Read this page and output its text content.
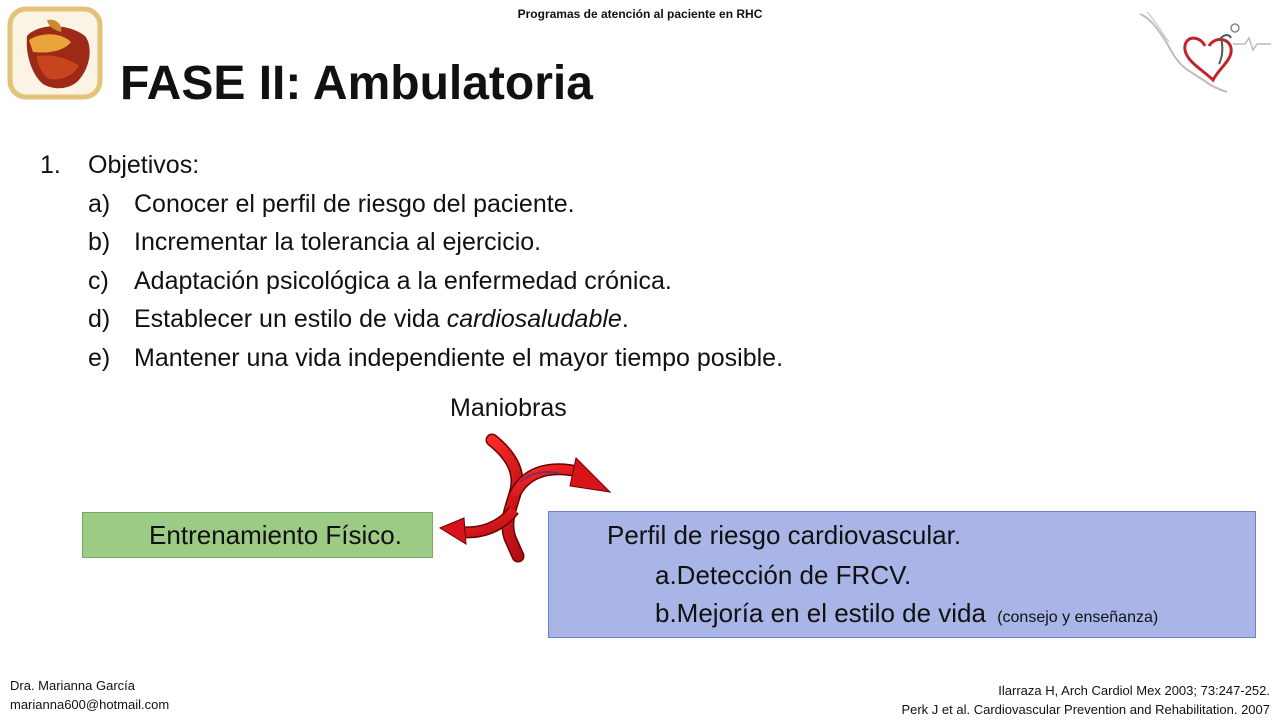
Programas de atención al paciente en RHC
FASE II: Ambulatoria
1.	Objetivos:
a) Conocer el perfil de riesgo del paciente.
b) Incrementar la tolerancia al ejercicio.
c)	Adaptación psicológica a la enfermedad crónica.
d) Establecer un estilo de vida cardiosaludable.
e) Mantener una vida independiente el mayor tiempo posible.
Maniobras
Entrenamiento Físico.	Perfil de riesgo cardiovascular.
a.Detección de FRCV.
b.Mejoría en el estilo de vida (consejo y enseñanza)
Dra. Marianna García
marianna600@hotmail.com
Ilarraza H, Arch Cardiol Mex 2003; 73:247-252.
Perk J et al. Cardiovascular Prevention and Rehabilitation. 2007
